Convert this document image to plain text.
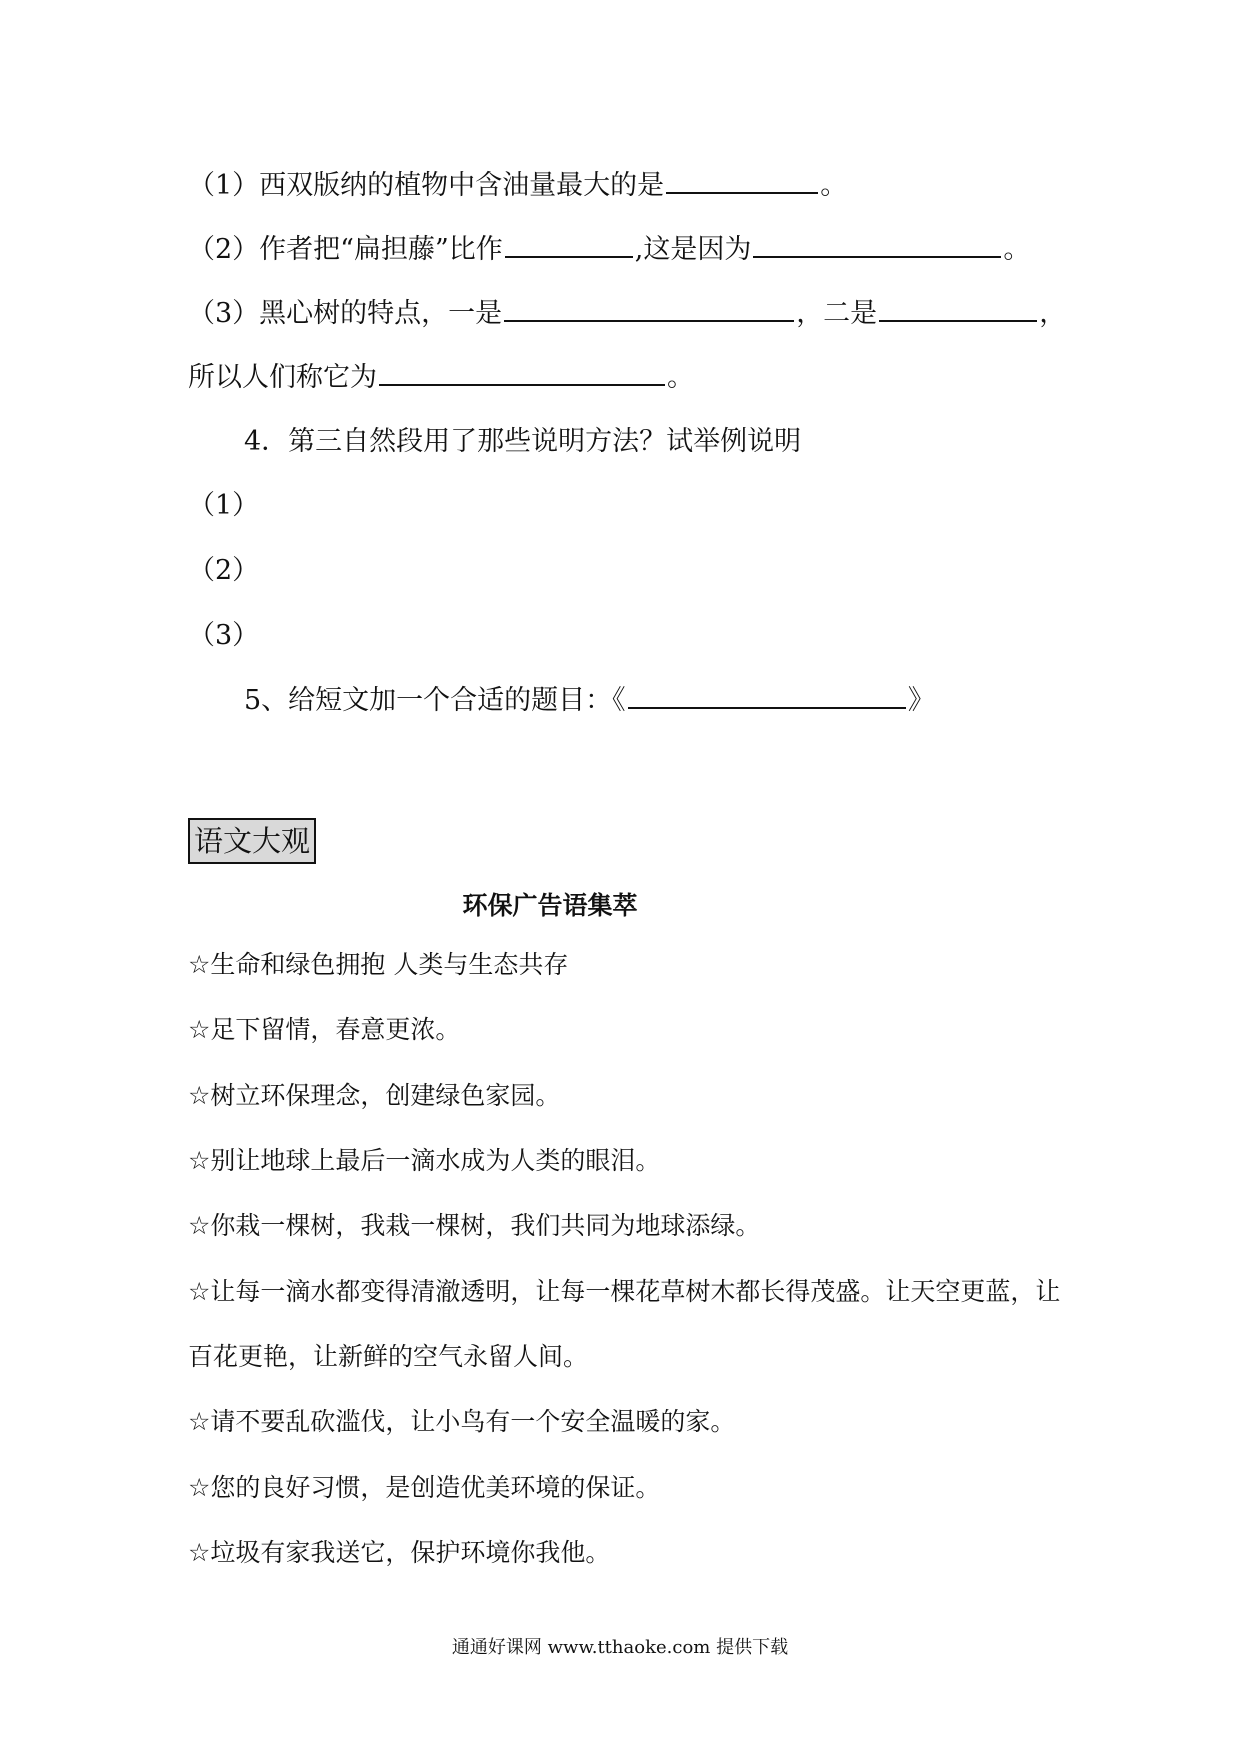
（1）西双版纳的植物中含油量最大的是	。
（2）作者把“扁担藤”比作	,这是因为	。
（3）黑心树的特点，一是	，二是	，
所以人们称它为	。
4．第三自然段用了那些说明方法？试举例说明
（1）
（2）
（3）
5、给短文加一个合适的题目：《	》
语文大观
环保广告语集萃
☆生命和绿色拥抱 人类与生态共存
☆足下留情，春意更浓。
☆树立环保理念，创建绿色家园。
☆别让地球上最后一滴水成为人类的眼泪。
☆你栽一棵树，我栽一棵树，我们共同为地球添绿。
☆让每一滴水都变得清澈透明，让每一棵花草树木都长得茂盛。让天空更蓝，让
百花更艳，让新鲜的空气永留人间。
☆请不要乱砍滥伐，让小鸟有一个安全温暖的家。
☆您的良好习惯，是创造优美环境的保证。
☆垃圾有家我送它，保护环境你我他。
通通好课网 www.tthaoke.com 提供下载
